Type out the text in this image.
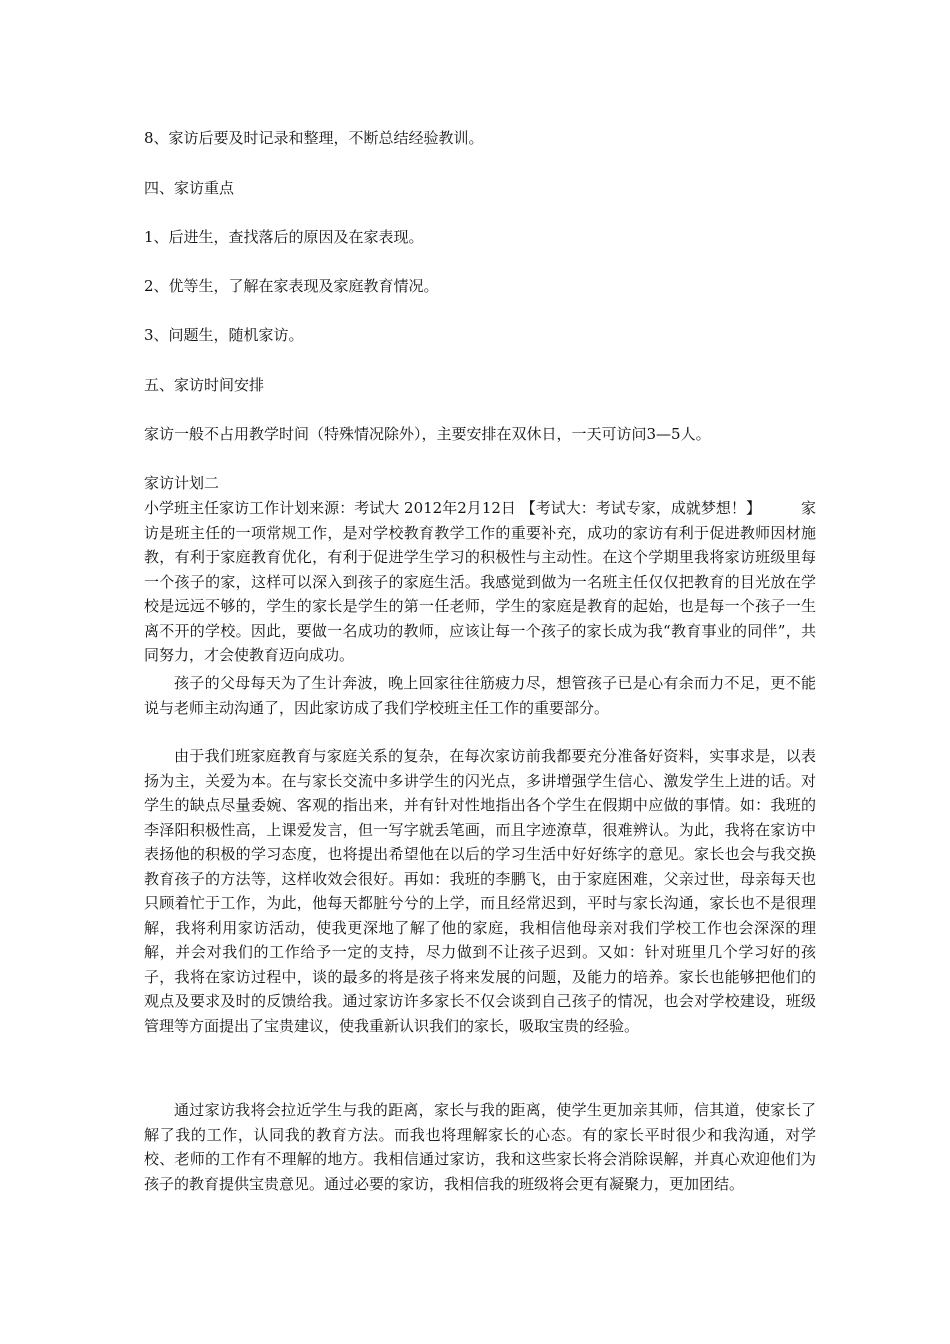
8、家访后要及时记录和整理，不断总结经验教训。
四、家访重点
1、后进生，查找落后的原因及在家表现。
2、优等生，了解在家表现及家庭教育情况。
3、问题生，随机家访。
五、家访时间安排
家访一般不占用教学时间（特殊情况除外），主要安排在双休日，一天可访问3—5人。
家访计划二
小学班主任家访工作计划来源：考试大 2012年2月12日 【考试大：考试专家，成就梦想！】	家访是班主任的一项常规工作，是对学校教育教学工作的重要补充，成功的家访有利于促进教师因材施教，有利于家庭教育优化，有利于促进学生学习的积极性与主动性。在这个学期里我将家访班级里每一个孩子的家，这样可以深入到孩子的家庭生活。我感觉到做为一名班主任仅仅把教育的目光放在学校是远远不够的，学生的家长是学生的第一任老师，学生的家庭是教育的起始，也是每一个孩子一生离不开的学校。因此，要做一名成功的教师，应该让每一个孩子的家长成为我“教育事业的同伴”，共同努力，才会使教育迈向成功。
孩子的父母每天为了生计奔波，晚上回家往往筋疲力尽，想管孩子已是心有余而力不足，更不能说与老师主动沟通了，因此家访成了我们学校班主任工作的重要部分。
由于我们班家庭教育与家庭关系的复杂，在每次家访前我都要充分准备好资料，实事求是，以表扬为主，关爱为本。在与家长交流中多讲学生的闪光点，多讲增强学生信心、激发学生上进的话。对学生的缺点尽量委婉、客观的指出来，并有针对性地指出各个学生在假期中应做的事情。如：我班的李泽阳积极性高，上课爱发言，但一写字就丢笔画，而且字迹潦草，很难辨认。为此，我将在家访中表扬他的积极的学习态度，也将提出希望他在以后的学习生活中好好练字的意见。家长也会与我交换教育孩子的方法等，这样收效会很好。再如：我班的李鹏飞，由于家庭困难，父亲过世，母亲每天也只顾着忙于工作，为此，他每天都脏兮兮的上学，而且经常迟到，平时与家长沟通，家长也不是很理解，我将利用家访活动，使我更深地了解了他的家庭，我相信他母亲对我们学校工作也会深深的理解，并会对我们的工作给予一定的支持，尽力做到不让孩子迟到。又如：针对班里几个学习好的孩子，我将在家访过程中，谈的最多的将是孩子将来发展的问题，及能力的培养。家长也能够把他们的观点及要求及时的反馈给我。通过家访许多家长不仅会谈到自己孩子的情况，也会对学校建设，班级管理等方面提出了宝贵建议，使我重新认识我们的家长，吸取宝贵的经验。
通过家访我将会拉近学生与我的距离，家长与我的距离，使学生更加亲其师，信其道，使家长了解了我的工作，认同我的教育方法。而我也将理解家长的心态。有的家长平时很少和我沟通，对学校、老师的工作有不理解的地方。我相信通过家访，我和这些家长将会消除误解，并真心欢迎他们为孩子的教育提供宝贵意见。通过必要的家访，我相信我的班级将会更有凝聚力，更加团结。
